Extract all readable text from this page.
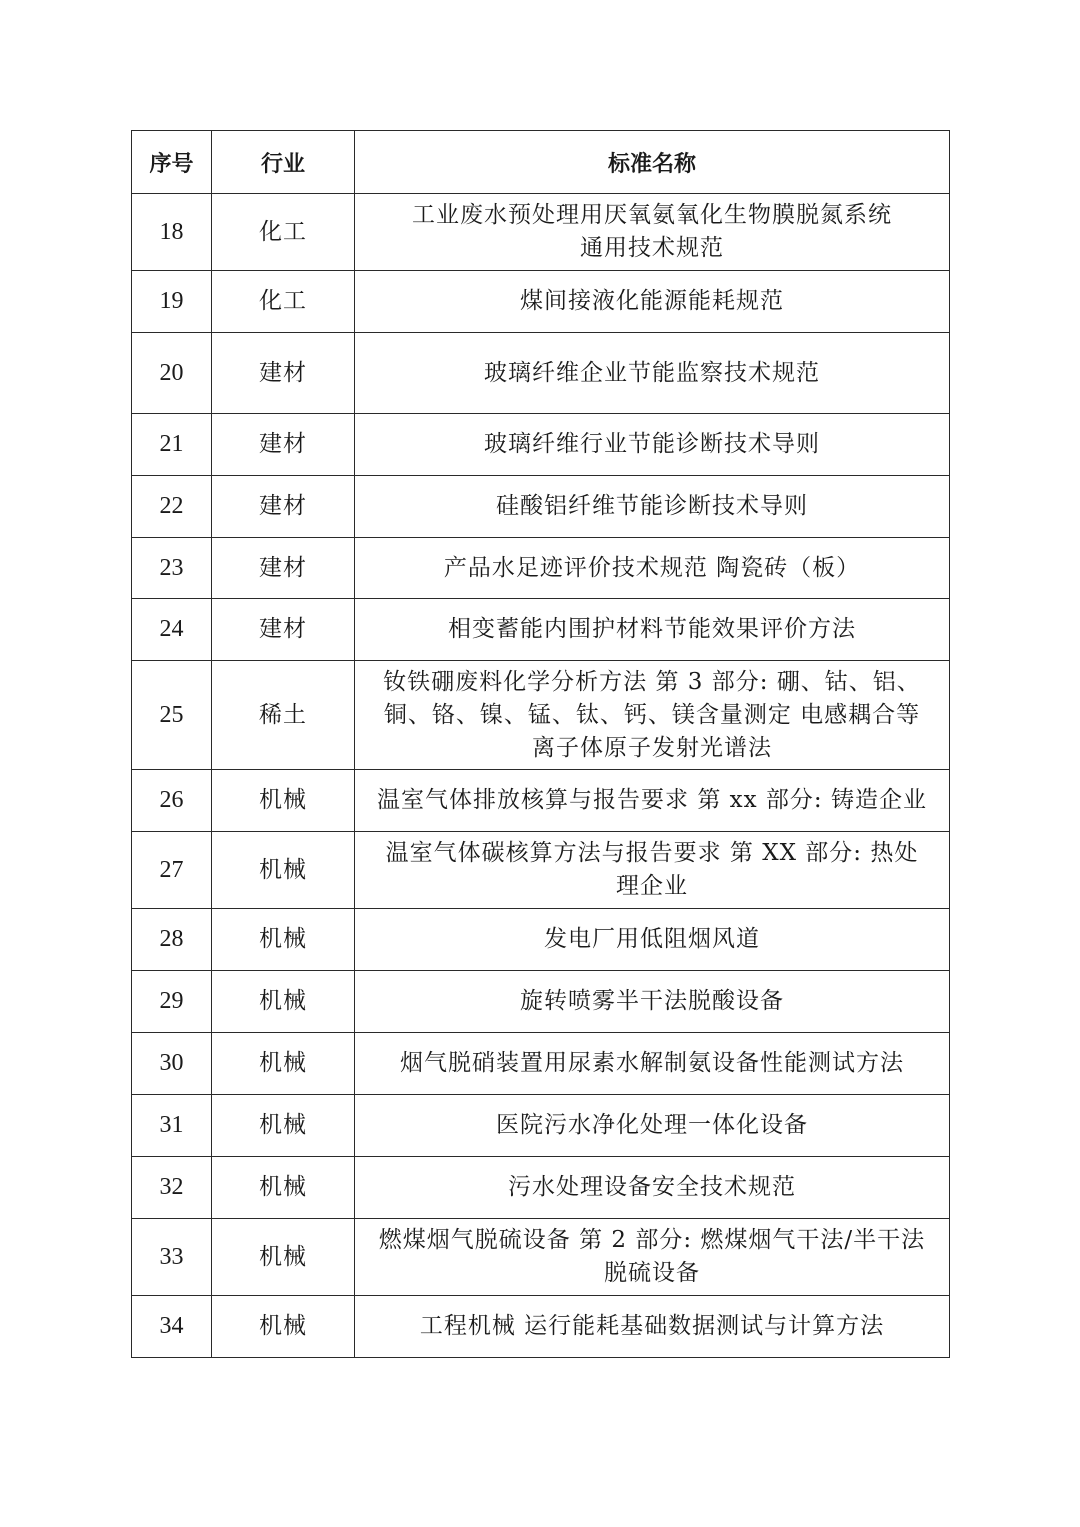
序号	行业	标准名称
18	化工	工业废水预处理用厌氧氨氧化生物膜脱氮系统
通用技术规范

19	化工	煤间接液化能源能耗规范

20	建材	玻璃纤维企业节能监察技术规范

21	建材	玻璃纤维行业节能诊断技术导则

22	建材	硅酸铝纤维节能诊断技术导则

23	建材	产品水足迹评价技术规范 陶瓷砖（板）

24	建材	相变蓄能内围护材料节能效果评价方法

25	稀土	钕铁硼废料化学分析方法 第 3 部分: 硼、钴、铝、
铜、铬、镍、锰、钛、钙、镁含量测定 电感耦合等
离子体原子发射光谱法

26	机械	温室气体排放核算与报告要求 第 xx 部分: 铸造企业

27	机械	温室气体碳核算方法与报告要求 第 XX 部分: 热处
理企业

28	机械	发电厂用低阻烟风道

29	机械	旋转喷雾半干法脱酸设备

30	机械	烟气脱硝装置用尿素水解制氨设备性能测试方法

31	机械	医院污水净化处理一体化设备

32	机械	污水处理设备安全技术规范

33	机械	燃煤烟气脱硫设备 第 2 部分: 燃煤烟气干法/半干法
脱硫设备

34	机械	工程机械 运行能耗基础数据测试与计算方法
